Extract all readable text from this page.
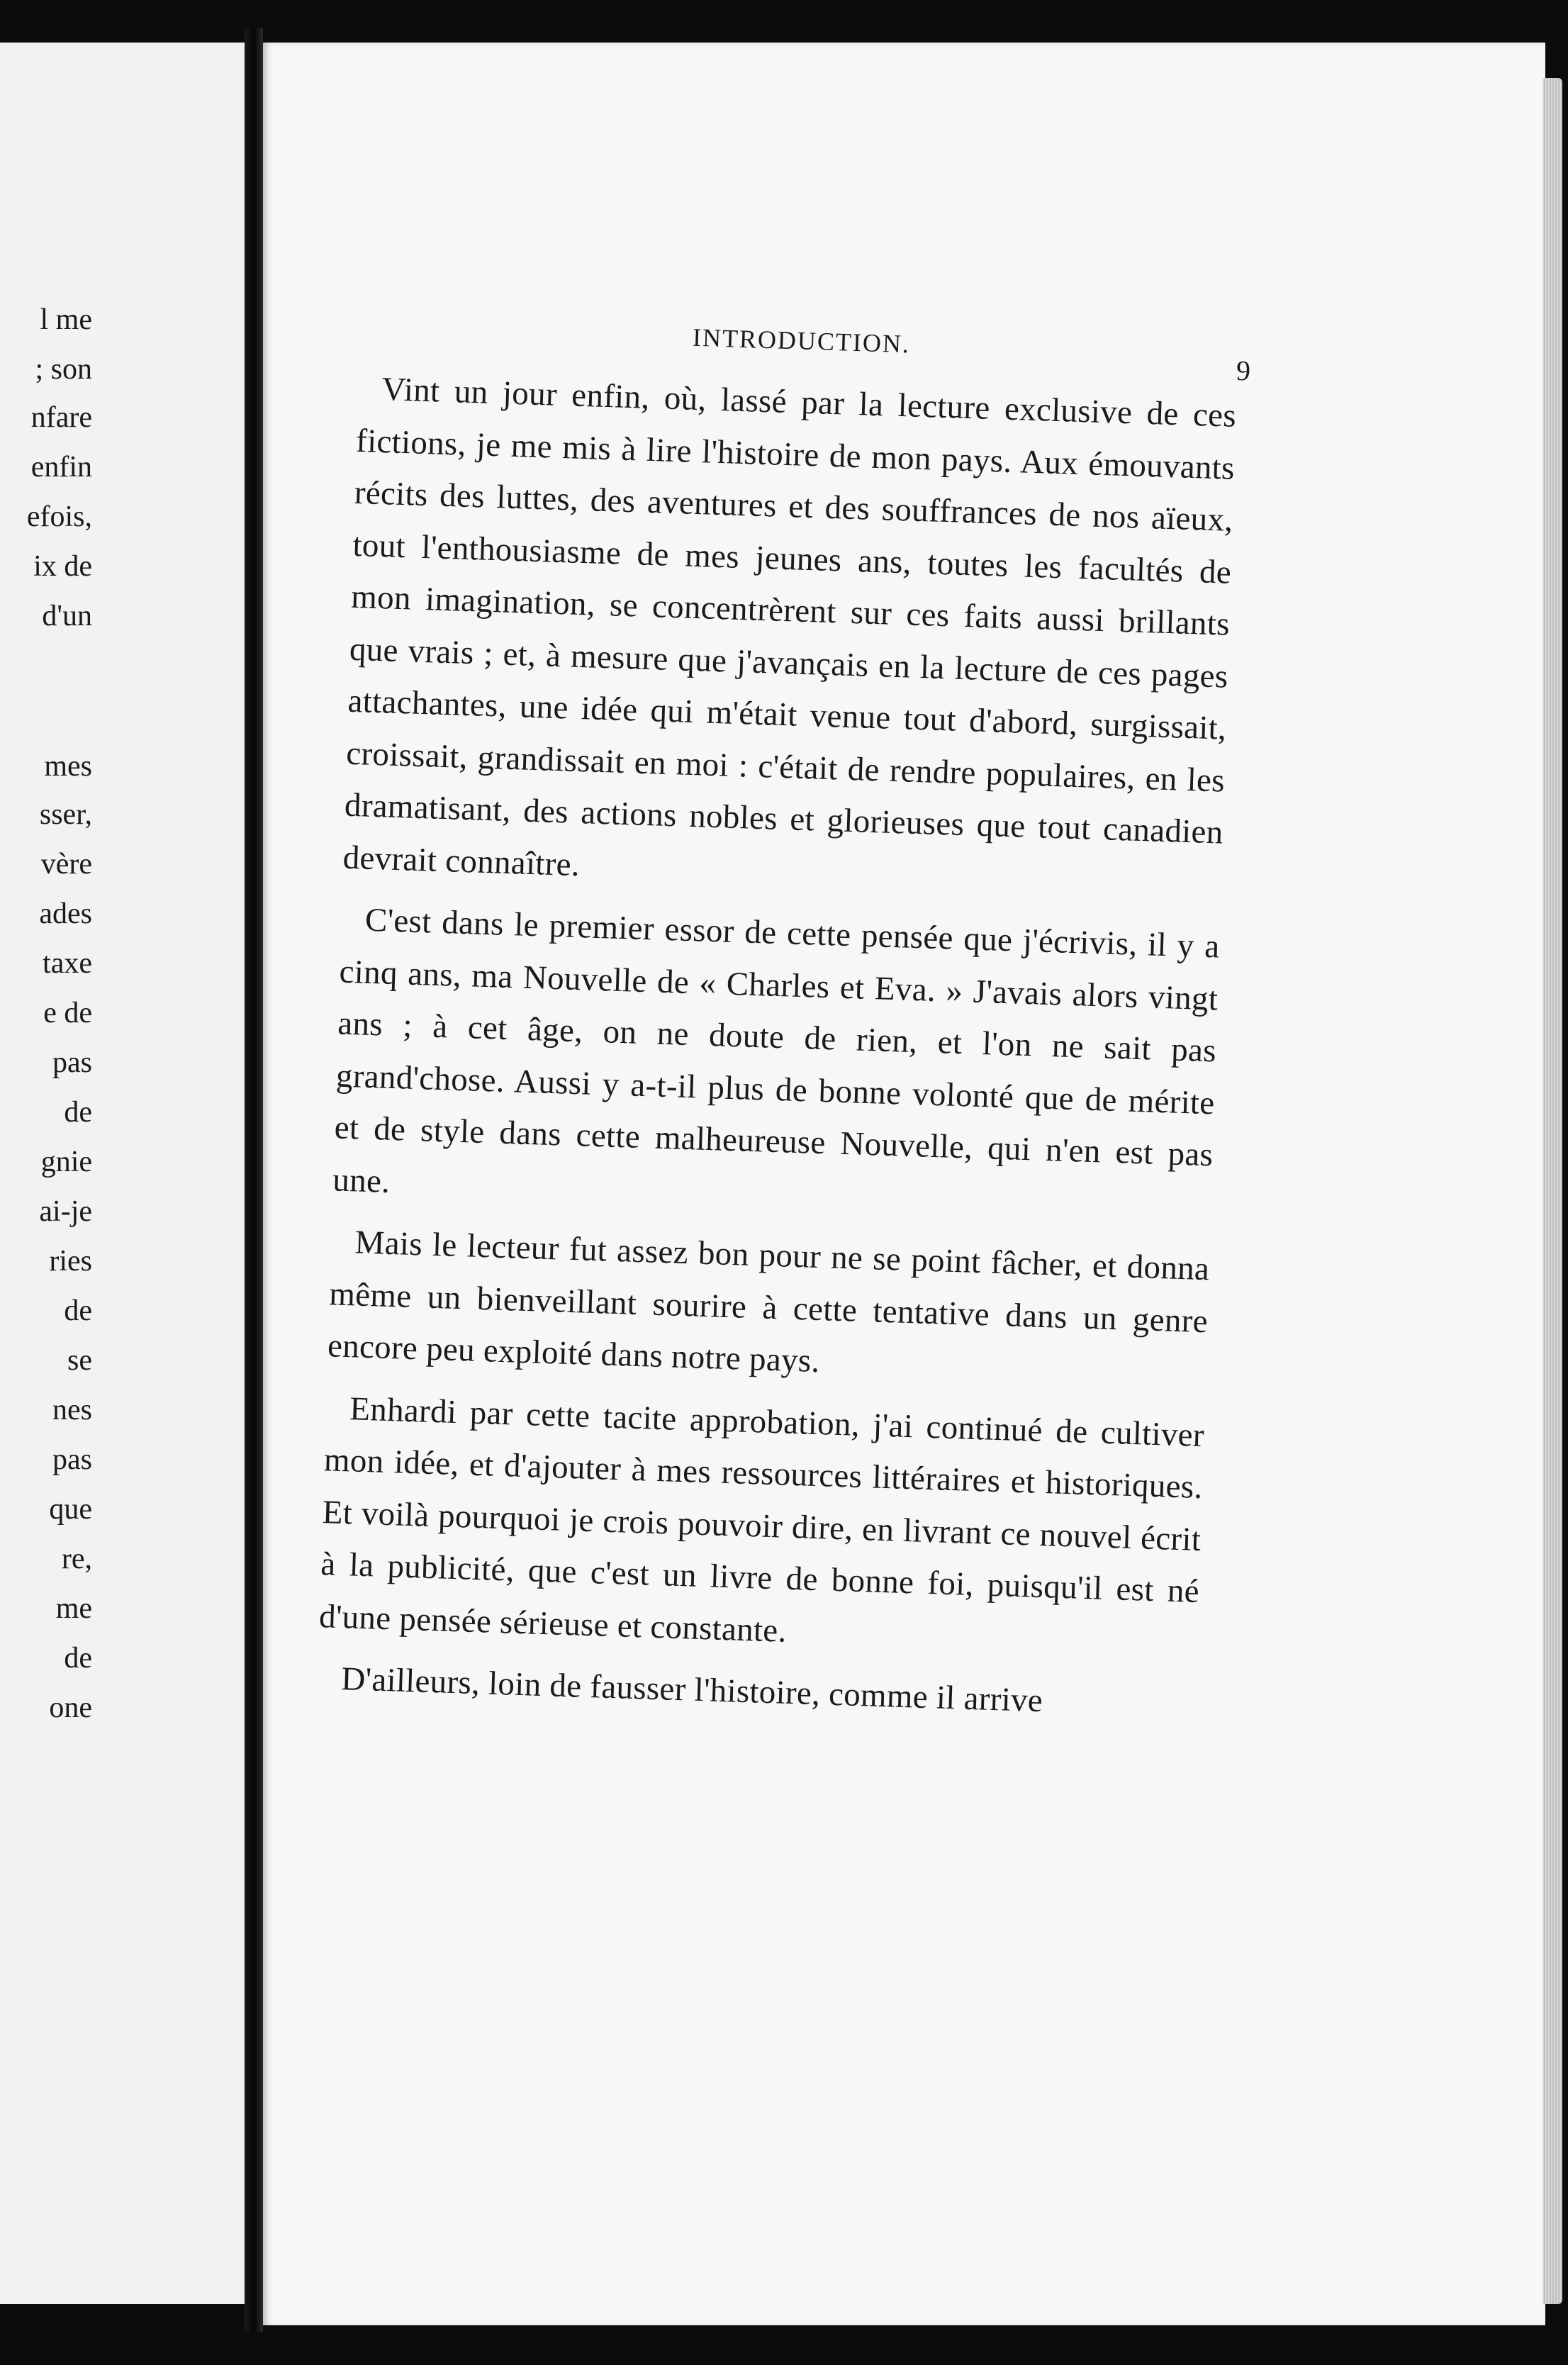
l me
; son
nfare
enfin
efois,
ix de
d'un
mes
sser,
vère
ades
taxe
e de
pas
de
gnie
ai-je
ries
de
se
nes
pas
que
re,
me
de
one
INTRODUCTION.
9

Vint un jour enfin, où, lassé par la lecture exclusive de ces fictions, je me mis à lire l'histoire de mon pays. Aux émouvants récits des luttes, des aventures et des souffrances de nos aïeux, tout l'enthousiasme de mes jeunes ans, toutes les facultés de mon imagination, se concentrèrent sur ces faits aussi brillants que vrais ; et, à mesure que j'avançais en la lecture de ces pages attachantes, une idée qui m'était venue tout d'abord, surgissait, croissait, grandissait en moi : c'était de rendre populaires, en les dramatisant, des actions nobles et glorieuses que tout canadien devrait connaître.

C'est dans le premier essor de cette pensée que j'écrivis, il y a cinq ans, ma Nouvelle de « Charles et Eva. » J'avais alors vingt ans ; à cet âge, on ne doute de rien, et l'on ne sait pas grand'chose. Aussi y a-t-il plus de bonne volonté que de mérite et de style dans cette malheureuse Nouvelle, qui n'en est pas une.

Mais le lecteur fut assez bon pour ne se point fâcher, et donna même un bienveillant sourire à cette tentative dans un genre encore peu exploité dans notre pays.

Enhardi par cette tacite approbation, j'ai continué de cultiver mon idée, et d'ajouter à mes ressources littéraires et historiques. Et voilà pourquoi je crois pouvoir dire, en livrant ce nouvel écrit à la publicité, que c'est un livre de bonne foi, puisqu'il est né d'une pensée sérieuse et constante.

D'ailleurs, loin de fausser l'histoire, comme il arrive
